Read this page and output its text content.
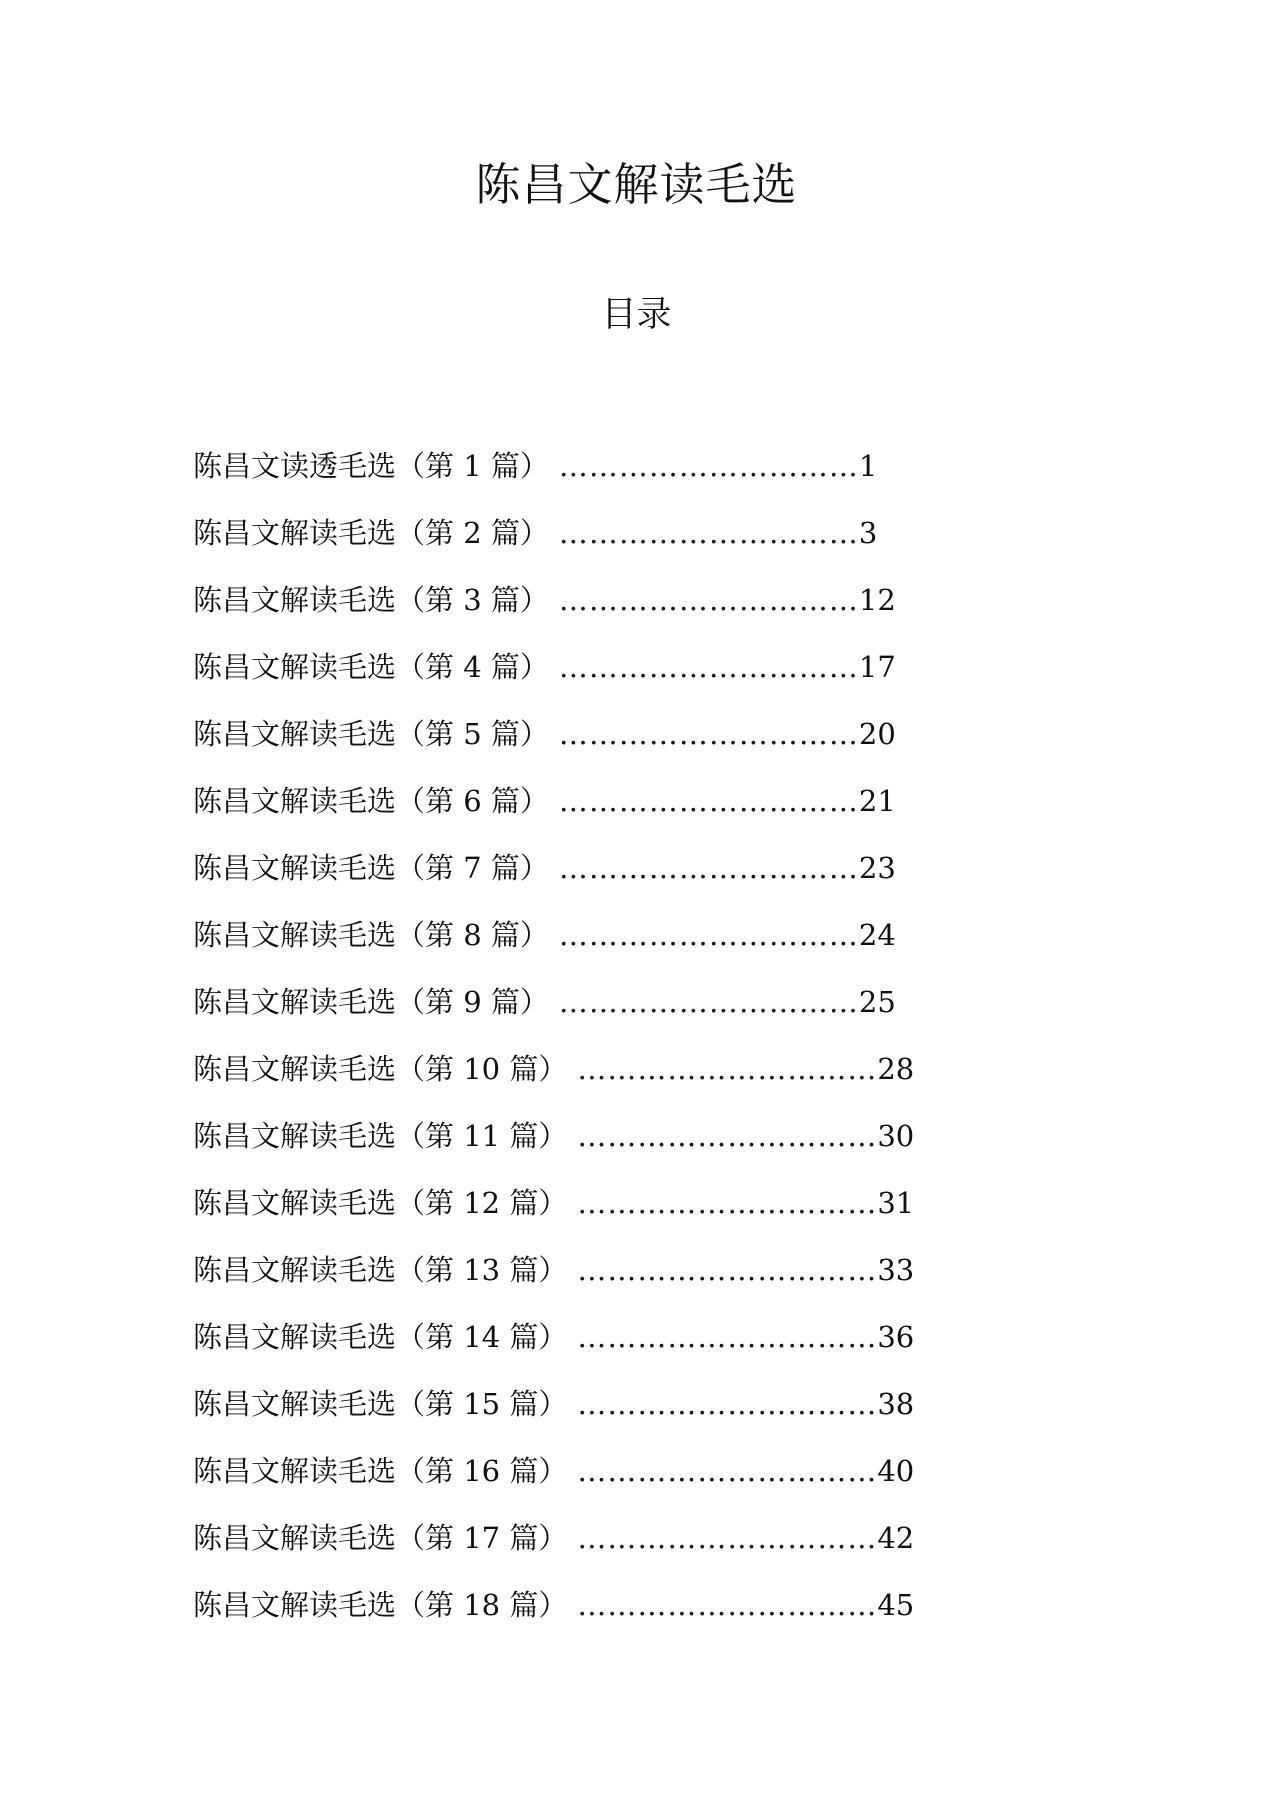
陈昌文解读毛选
目录
陈昌文读透毛选（第 1 篇） ………………………… 1
陈昌文解读毛选（第 2 篇） ………………………… 3
陈昌文解读毛选（第 3 篇） ………………………… 12
陈昌文解读毛选（第 4 篇） ………………………… 17
陈昌文解读毛选（第 5 篇） ………………………… 20
陈昌文解读毛选（第 6 篇） ………………………… 21
陈昌文解读毛选（第 7 篇） ………………………… 23
陈昌文解读毛选（第 8 篇） ………………………… 24
陈昌文解读毛选（第 9 篇） ………………………… 25
陈昌文解读毛选（第 10 篇） ………………………… 28
陈昌文解读毛选（第 11 篇） ………………………… 30
陈昌文解读毛选（第 12 篇） ………………………… 31
陈昌文解读毛选（第 13 篇） ………………………… 33
陈昌文解读毛选（第 14 篇） ………………………… 36
陈昌文解读毛选（第 15 篇） ………………………… 38
陈昌文解读毛选（第 16 篇） ………………………… 40
陈昌文解读毛选（第 17 篇） ………………………… 42
陈昌文解读毛选（第 18 篇） ………………………… 45
